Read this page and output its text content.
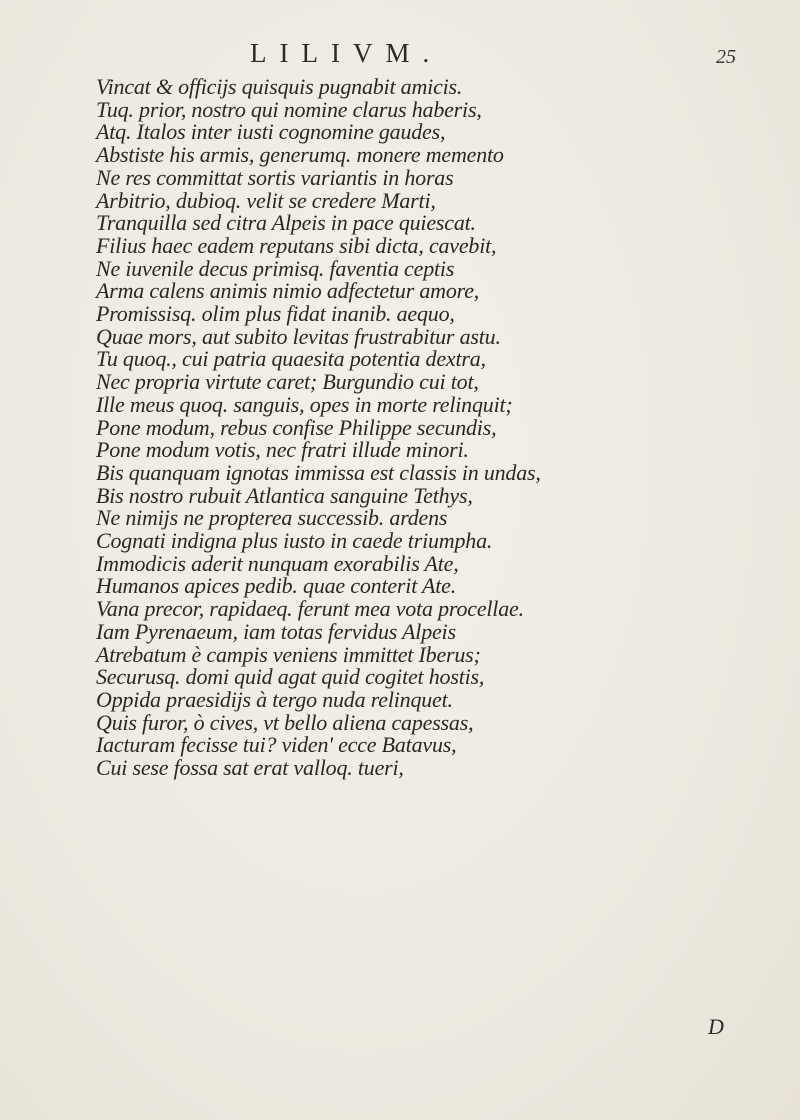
LILIVM.	25
Vincat & officijs quisquis pugnabit amicis.
Tuq. prior, nostro qui nomine clarus haberis,
Atq. Italos inter iusti cognomine gaudes,
Abstiste his armis, generumq. monere memento
Ne res committat sortis variantis in horas
Arbitrio, dubioq. velit se credere Marti,
Tranquilla sed citra Alpeis in pace quiescat.
Filius haec eadem reputans sibi dicta, cavebit,
Ne iuvenile decus primisq. faventia ceptis
Arma calens animis nimio adfectetur amore,
Promissisq. olim plus fidat inanib. aequo,
Quae mors, aut subito levitas frustrabitur astu.
Tu quoq., cui patria quaesita potentia dextra,
Nec propria virtute caret; Burgundio cui tot,
Ille meus quoq. sanguis, opes in morte relinquit;
Pone modum, rebus confise Philippe secundis,
Pone modum votis, nec fratri illude minori.
Bis quanquam ignotas immissa est classis in undas,
Bis nostro rubuit Atlantica sanguine Tethys,
Ne nimijs ne propterea successib. ardens
Cognati indigna plus iusto in caede triumpha.
Immodicis aderit nunquam exorabilis Ate,
Humanos apices pedib. quae conterit Ate.
Vana precor, rapidaeq. ferunt mea vota procellae.
Iam Pyrenaeum, iam totas fervidus Alpeis
Atrebatum è campis veniens immittet Iberus;
Securusq. domi quid agat quid cogitet hostis,
Oppida praesidijs à tergo nuda relinquet.
Quis furor, ò cives, vt bello aliena capessas,
Iacturam fecisse tui? viden' ecce Batavus,
Cui sese fossa sat erat valloq. tueri,
D
